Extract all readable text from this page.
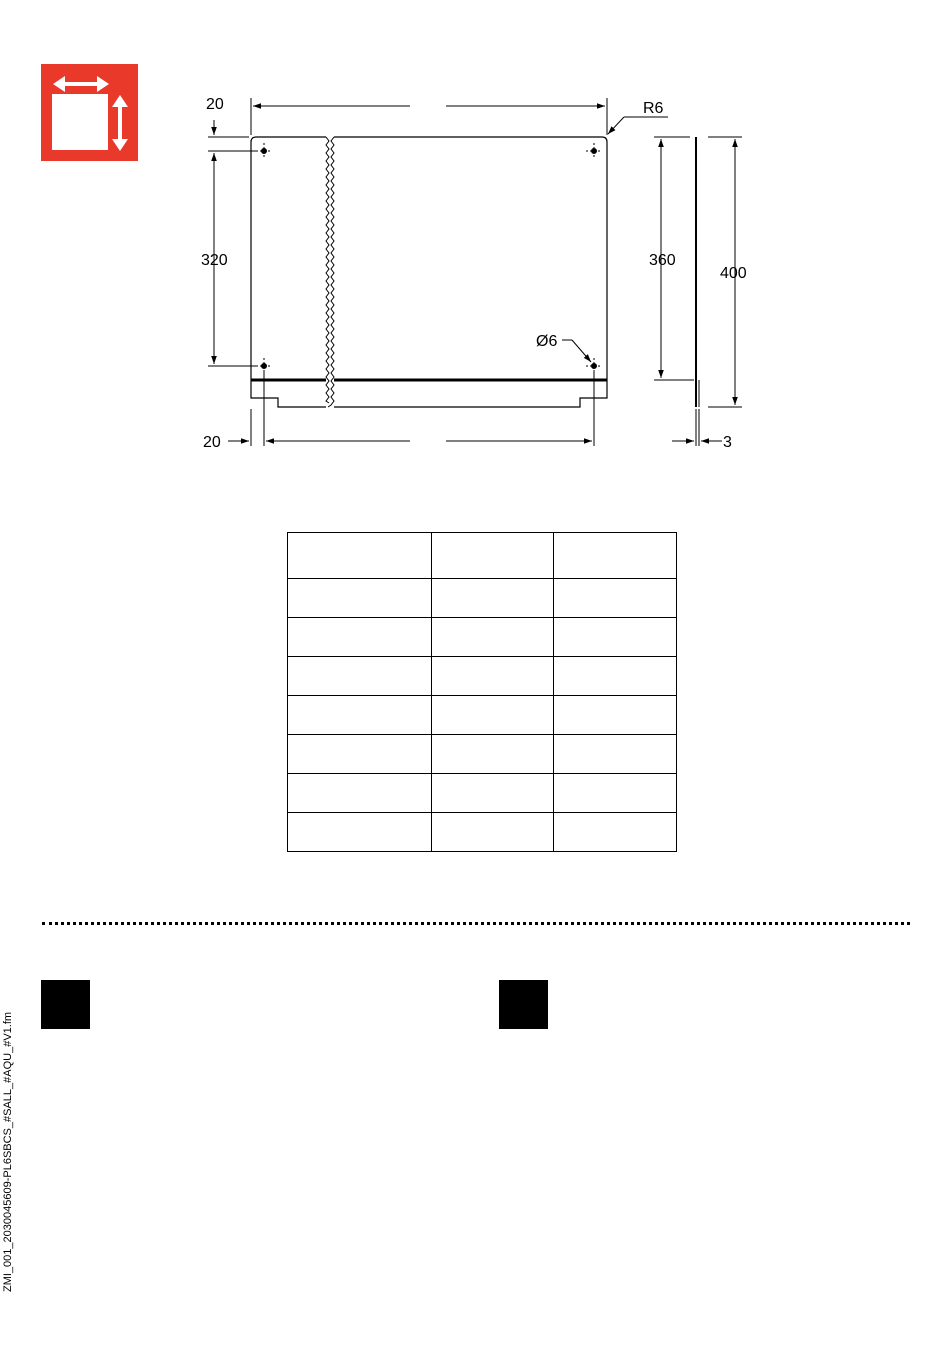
20
320
20
R6
360
400
3
Ø6

ZMI_001_2030045609-PL6SBCS_#SALL_#AQU_#V1.fm
